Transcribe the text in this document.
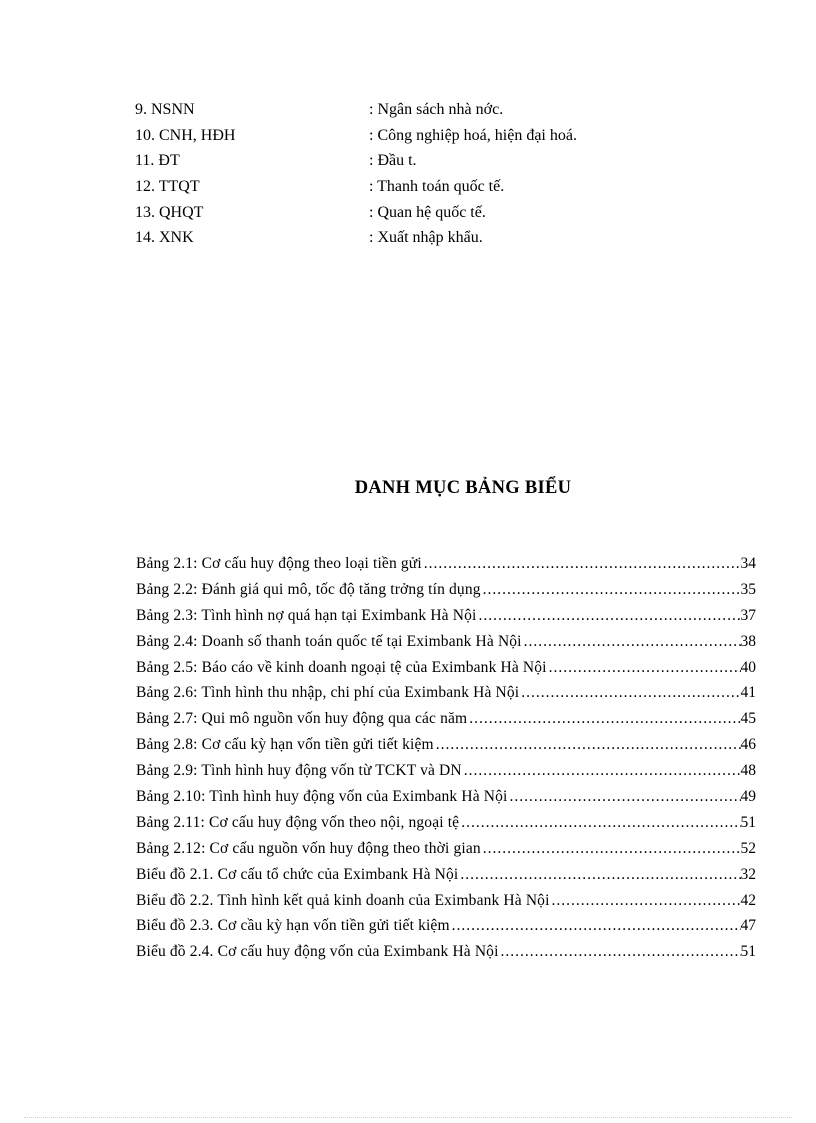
9. NSNN	: Ngân sách nhà nớc.
10. CNH, HĐH	: Công nghiệp hoá, hiện đại hoá.
11. ĐT	: Đầu t.
12. TTQT	: Thanh toán quốc tế.
13. QHQT	: Quan hệ quốc tế.
14. XNK	: Xuất nhập khẩu.
DANH MỤC BẢNG BIỂU
Bảng 2.1: Cơ cấu huy động theo loại tiền gửi .....	34
Bảng 2.2: Đánh giá qui mô, tốc độ tăng trởng tín dụng .....	35
Bảng 2.3: Tình hình nợ quá hạn tại Eximbank Hà Nội .....	37
Bảng 2.4: Doanh số thanh toán quốc tế tại Eximbank Hà Nội .....	38
Bảng 2.5: Báo cáo về kinh doanh ngoại tệ của Eximbank Hà Nội .....	40
Bảng 2.6: Tình hình thu nhập, chi phí của Eximbank Hà Nội .....	41
Bảng 2.7: Qui mô nguồn vốn huy động qua các năm .....	45
Bảng 2.8: Cơ cấu kỳ hạn vốn tiền gửi tiết kiệm .....	46
Bảng 2.9: Tình hình huy động vốn từ TCKT và DN .....	48
Bảng 2.10: Tình hình huy động vốn của Eximbank Hà Nội .....	49
Bảng 2.11: Cơ cấu huy động vốn theo nội, ngoại tệ .....	51
Bảng 2.12: Cơ cấu nguồn vốn huy động theo thời gian .....	52
Biểu đồ 2.1. Cơ cấu tổ chức của Eximbank Hà Nội .....	32
Biểu đồ 2.2. Tình hình kết quả kinh doanh của Eximbank Hà Nội .....	42
Biểu đồ 2.3. Cơ cầu kỳ hạn vốn tiền gửi tiết kiệm .....	47
Biểu đồ 2.4. Cơ cấu huy động vốn của Eximbank Hà Nội .....	51
